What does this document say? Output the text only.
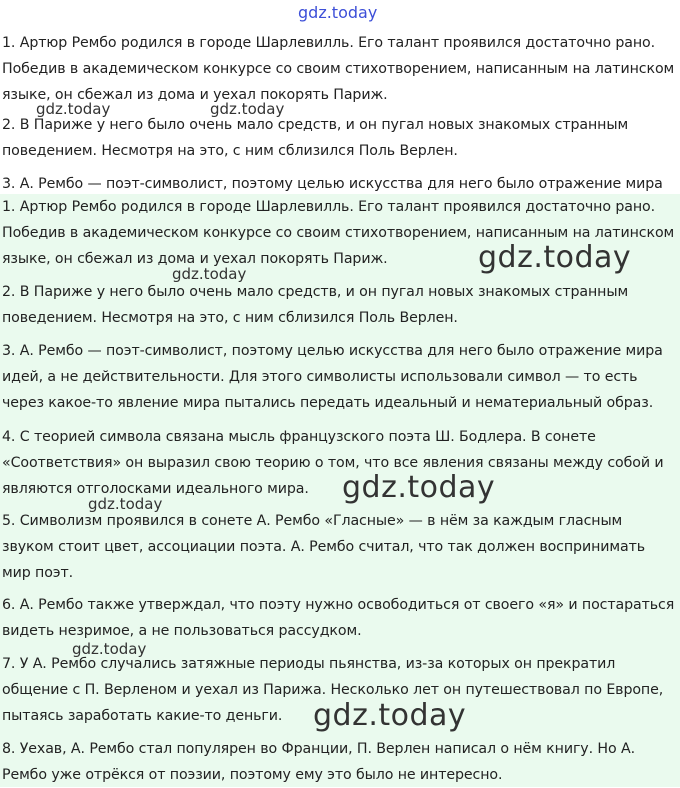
1. Артюр Рембо родился в городе Шарлевилль. Его талант проявился достаточно рано. Победив в академическом конкурсе со своим стихотворением, написанным на латинском языке, он сбежал из дома и уехал покорять Париж.

2. В Париже у него было очень мало средств, и он пугал новых знакомых странным поведением. Несмотря на это, с ним сблизился Поль Верлен.

3. А. Рембо — поэт-символист, поэтому целью искусства для него было отражение мира

1. Артюр Рембо родился в городе Шарлевилль. Его талант проявился достаточно рано. Победив в академическом конкурсе со своим стихотворением, написанным на латинском языке, он сбежал из дома и уехал покорять Париж.

2. В Париже у него было очень мало средств, и он пугал новых знакомых странным поведением. Несмотря на это, с ним сблизился Поль Верлен.

3. А. Рембо — поэт-символист, поэтому целью искусства для него было отражение мира идей, а не действительности. Для этого символисты использовали символ — то есть через какое-то явление мира пытались передать идеальный и нематериальный образ.

4. С теорией символа связана мысль французского поэта Ш. Бодлера. В сонете «Соответствия» он выразил свою теорию о том, что все явления связаны между собой и являются отголосками идеального мира.

5. Символизм проявился в сонете А. Рембо «Гласные» — в нём за каждым гласным звуком стоит цвет, ассоциации поэта. А. Рембо считал, что так должен воспринимать мир поэт.

6. А. Рембо также утверждал, что поэту нужно освободиться от своего «я» и постараться видеть незримое, а не пользоваться рассудком.

7. У А. Рембо случались затяжные периоды пьянства, из-за которых он прекратил общение с П. Верленом и уехал из Парижа. Несколько лет он путешествовал по Европе, пытаясь заработать какие-то деньги.

8. Уехав, А. Рембо стал популярен во Франции, П. Верлен написал о нём книгу. Но А. Рембо уже отрёкся от поэзии, поэтому ему это было не интересно.

gdz.today
gdz.today	gdz.today
gdz.today	gdz.today
gdz.today
gdz.today
gdz.today
gdz.today
